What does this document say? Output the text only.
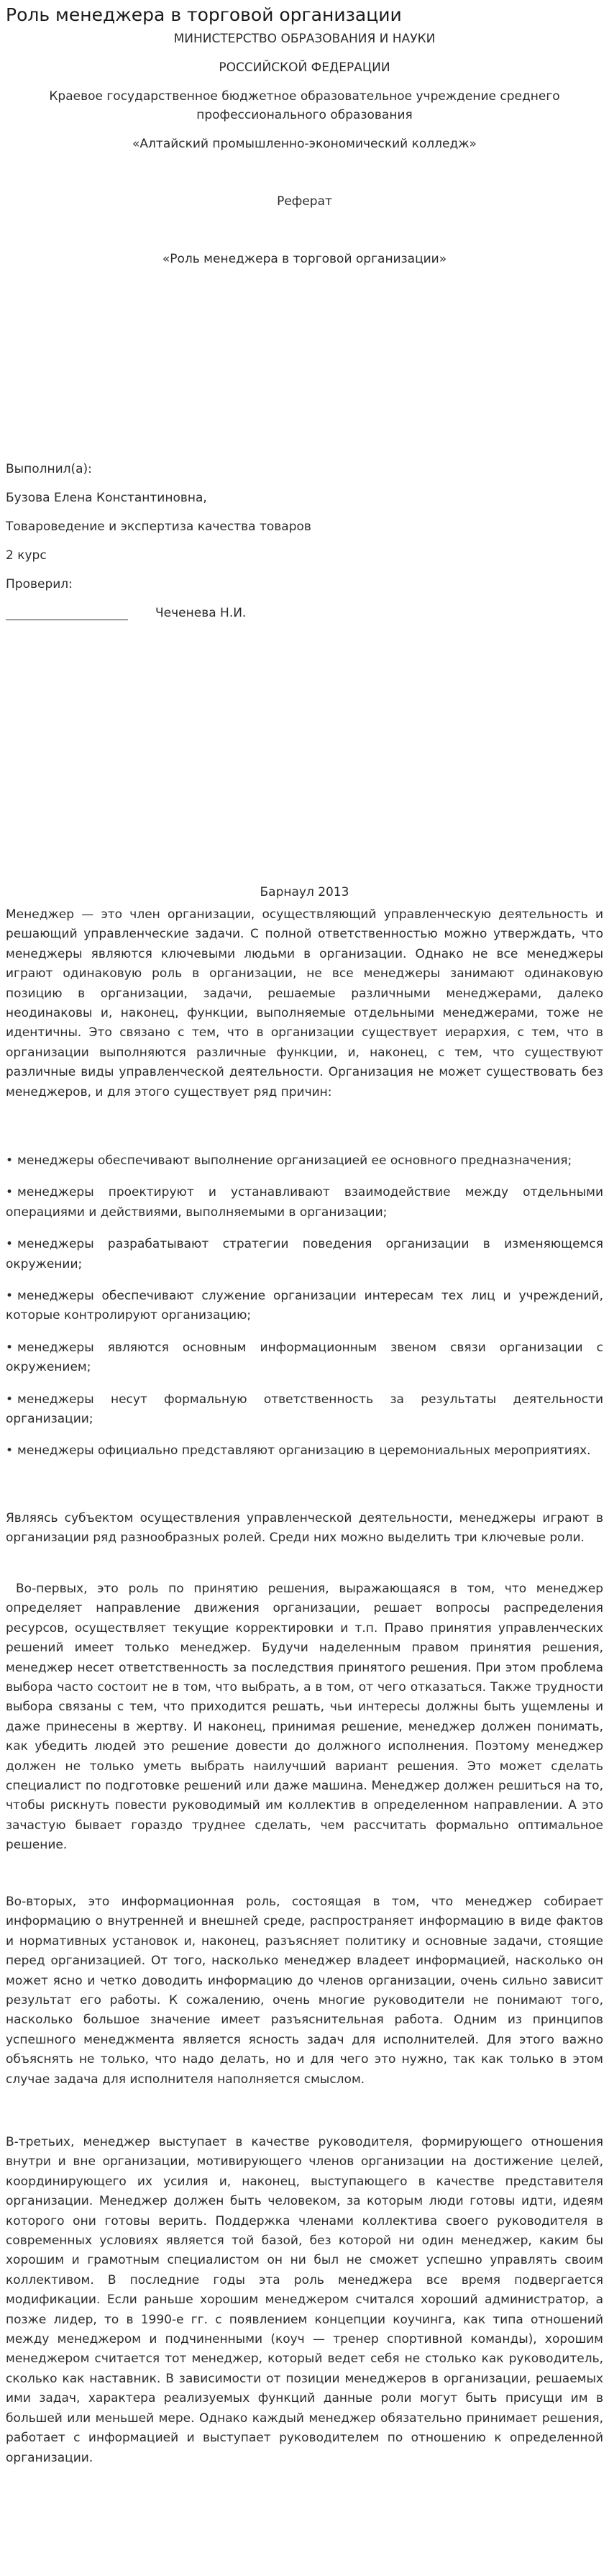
Роль менеджера в торговой организации
МИНИСТЕРСТВО ОБРАЗОВАНИЯ И НАУКИ
РОССИЙСКОЙ ФЕДЕРАЦИИ
Краевое государственное бюджетное образовательное учреждение среднего
профессионального образования
«Алтайский промышленно-экономический колледж»
Реферат
«Роль менеджера в торговой организации»
Выполнил(а):
Бузова Елена Константиновна,
Товароведение и экспертиза качества товаров
2 курс
Проверил:
Чеченева Н.И.
Барнаул 2013

Менеджер — это член организации, осуществляющий управленческую деятельность и решающий управленческие задачи. С полной ответственностью можно утверждать, что менеджеры являются ключевыми людьми в организации. Однако не все менеджеры играют одинаковую роль в организации, не все менеджеры занимают одинаковую позицию в организации, задачи, решаемые различными менеджерами, далеко неодинаковы и, наконец, функции, выполняемые отдельными менеджерами, тоже не идентичны. Это связано с тем, что в организации существует иерархия, с тем, что в организации выполняются различные функции, и, наконец, с тем, что существуют различные виды управленческой деятельности. Организация не может существовать без менеджеров, и для этого существует ряд причин:

• менеджеры обеспечивают выполнение организацией ее основного предназначения;

• менеджеры проектируют и устанавливают взаимодействие между отдельными операциями и действиями, выполняемыми в организации;

• менеджеры разрабатывают стратегии поведения организации в изменяющемся окружении;

• менеджеры обеспечивают служение организации интересам тех лиц и учреждений, которые контролируют организацию;

• менеджеры являются основным информационным звеном связи организации с окружением;

• менеджеры несут формальную ответственность за результаты деятельности организации;

• менеджеры официально представляют организацию в церемониальных мероприятиях.

Являясь субъектом осуществления управленческой деятельности, менеджеры играют в организации ряд разнообразных ролей. Среди них можно выделить три ключевые роли.

Во-первых, это роль по принятию решения, выражающаяся в том, что менеджер определяет направление движения организации, решает вопросы распределения ресурсов, осуществляет текущие корректировки и т.п. Право принятия управленческих решений имеет только менеджер. Будучи наделенным правом принятия решения, менеджер несет ответственность за последствия принятого решения. При этом проблема выбора часто состоит не в том, что выбрать, а в том, от чего отказаться. Также трудности выбора связаны с тем, что приходится решать, чьи интересы должны быть ущемлены и даже принесены в жертву. И наконец, принимая решение, менеджер должен понимать, как убедить людей это решение довести до должного исполнения. Поэтому менеджер должен не только уметь выбрать наилучший вариант решения. Это может сделать специалист по подготовке решений или даже машина. Менеджер должен решиться на то, чтобы рискнуть повести руководимый им коллектив в определенном направлении. А это зачастую бывает гораздо труднее сделать, чем рассчитать формально оптимальное решение.

Во-вторых, это информационная роль, состоящая в том, что менеджер собирает информацию о внутренней и внешней среде, распространяет информацию в виде фактов и нормативных установок и, наконец, разъясняет политику и основные задачи, стоящие перед организацией. От того, насколько менеджер владеет информацией, насколько он может ясно и четко доводить информацию до членов организации, очень сильно зависит результат его работы. К сожалению, очень многие руководители не понимают того, насколько большое значение имеет разъяснительная работа. Одним из принципов успешного менеджмента является ясность задач для исполнителей. Для этого важно объяснять не только, что надо делать, но и для чего это нужно, так как только в этом случае задача для исполнителя наполняется смыслом.

В-третьих, менеджер выступает в качестве руководителя, формирующего отношения внутри и вне организации, мотивирующего членов организации на достижение целей, координирующего их усилия и, наконец, выступающего в качестве представителя организации. Менеджер должен быть человеком, за которым люди готовы идти, идеям которого они готовы верить. Поддержка членами коллектива своего руководителя в современных условиях является той базой, без которой ни один менеджер, каким бы хорошим и грамотным специалистом он ни был не сможет успешно управлять своим коллективом. В последние годы эта роль менеджера все время подвергается модификации. Если раньше хорошим менеджером считался хороший администратор, а позже лидер, то в 1990-е гг. с появлением концепции коучинга, как типа отношений между менеджером и подчиненными (коуч — тренер спортивной команды), хорошим менеджером считается тот менеджер, который ведет себя не столько как руководитель, сколько как наставник. В зависимости от позиции менеджеров в организации, решаемых ими задач, характера реализуемых функций данные роли могут быть присущи им в большей или меньшей мере. Однако каждый менеджер обязательно принимает решения, работает с информацией и выступает руководителем по отношению к определенной организации.
